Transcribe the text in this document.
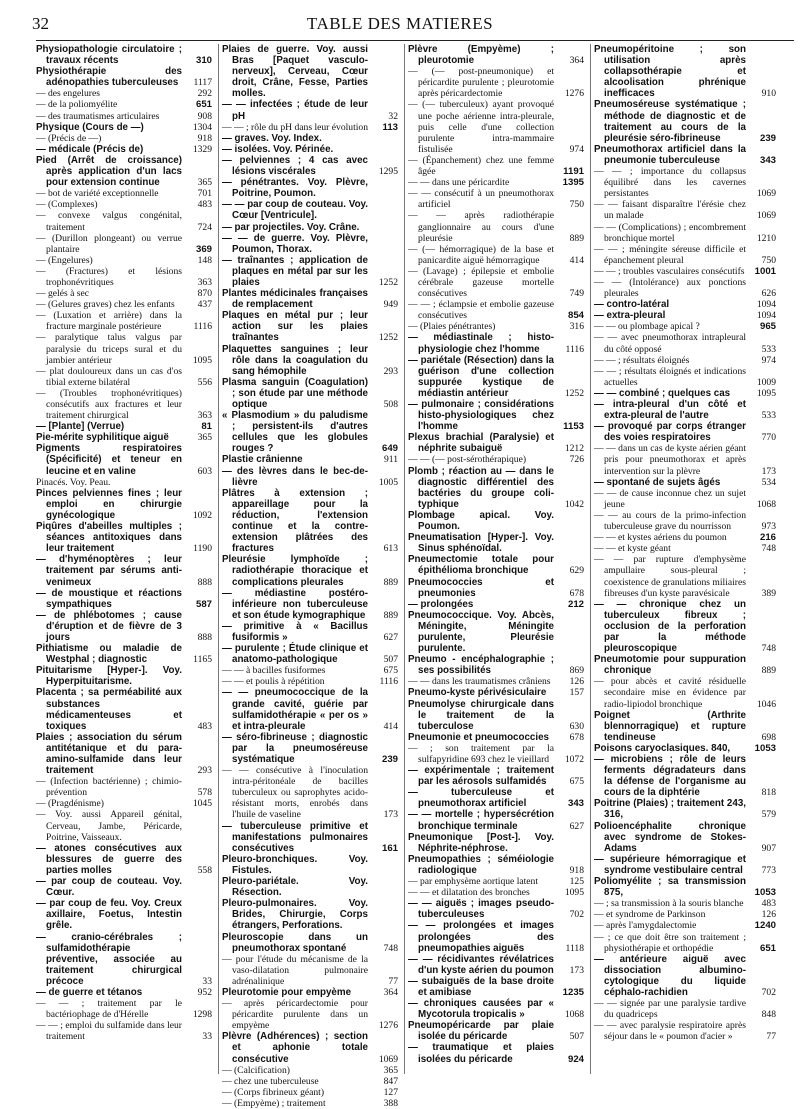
32	TABLE DES MATIERES
Physiopathologie circulatoire ; travaux récents	310
Physiothérapie des adénopathies tuberculeuses 1117
— des engelures	292
— de la poliomyélite	651
— des traumatismes articulaires	908
Physique (Cours de —)	1304
— (Précis de —)	918
— médicale (Précis de)	1329
Pied (Arrêt de croissance) après application d'un lacs pour extension continue	365
— bot de variété exceptionnelle	701
— (Complexes)	483
— convexe valgus congénital, traitement	724
— (Durillon plongeant) ou verrue plantaire	369
— (Engelures)	148
— (Fractures) et lésions trophonévritiques	363
— gelés à sec	870
— (Gelures graves) chez les enfants 437
— (Luxation et arrière) dans la fracture marginale postérieure	1116
— paralytique talus valgus par paralysie du triceps sural et du jambier antérieur	1095
— plat douloureux dans un cas d'os tibial externe bilatéral	556
— (Troubles trophonévritiques) consécutifs aux fractures et leur traitement chirurgical	363
— [Plante] (Verrue)	81
Pie-mérite syphilitique aiguë	365
Pigments respiratoires (Spécificité) et teneur en leucine et en valine	603
Pinacés. Voy. Peau.
Pinces pelviennes fines ; leur emploi en chirurgie gynécologique	1092
Piqûres d'abeilles multiples ; séances antitoxiques dans leur traitement	1190
— d'hyménoptères ; leur traitement par sérums anti-venimeux	888
— de moustique et réactions sympathiques	587
— de phlébotomes ; cause d'éruption et de fièvre de 3 jours	888
Pithiatisme ou maladie de Westphal ; diagnostic	1165
Pituitarisme [Hyper-]. Voy. Hyperpituitarisme.
Placenta ; sa perméabilité aux substances médicamenteuses et toxiques	483
Plaies ; association du sérum antitétanique et du para-amino-sulfamide dans leur traitement	293
— (Infection bactérienne) ; chimio-prévention	578
— (Pragdénisme)	1045
— Voy. aussi Appareil génital, Cerveau, Jambe, Péricarde, Poitrine, Vaisseaux.
— atones consécutives aux blessures de guerre des parties molles	558
— par coup de couteau. Voy. Cœur.
— par coup de feu. Voy. Creux axillaire, Foetus, Intestin grêle.
— cranio-cérébrales ; sulfamidothérapie préventive, associée au traitement chirurgical précoce	33
— de guerre et tétanos	952
— — ; traitement par le bactériophage de d'Hérelle	1298
— — ; emploi du sulfamide dans leur traitement	33
Plaies de guerre. Voy. aussi Bras [Paquet vasculo-nerveux], Cerveau, Cœur droit, Crâne, Fesse, Parties molles.
— — infectées ; étude de leur pH	32
— — ; rôle du pH dans leur évolution 113
— graves. Voy. Index.
— isolées. Voy. Périnée.
— pelviennes ; 4 cas avec lésions viscérales	1295
— pénétrantes. Voy. Plèvre, Poitrine, Poumon.
— — par coup de couteau. Voy. Cœur [Ventricule].
— par projectiles. Voy. Crâne.
— — de guerre. Voy. Plèvre, Poumon, Thorax.
— traînantes ; application de plaques en métal par sur les plaies	1252
Plantes médicinales françaises de remplacement	949
Plaques en métal pur ; leur action sur les plaies traînantes	1252
Plaquettes sanguines ; leur rôle dans la coagulation du sang hémophile	293
Plasma sanguin (Coagulation) ; son étude par une méthode optique	508
« Plasmodium » du paludisme ; persistent-ils d'autres cellules que les globules rouges ?	649
Plastie crânienne	911
— des lèvres dans le bec-de-lièvre	1005
Plâtres à extension ; appareillage pour la réduction, l'extension continue et la contre-extension plâtrées des fractures	613
Pleurésie lymphoïde ; radiothérapie thoracique et complications pleurales	889
— médiastine postéro-inférieure non tuberculeuse et son étude kymographique 889
— primitive à « Bacillus fusiformis »	627
— purulente ; Étude clinique et anatomo-pathologique	507
— — à bacilles fusiformes	675
— — et poulis à répétition	1116
— — pneumococcique de la grande cavité, guérie par sulfamidothérapie « per os » et intra-pleurale	414
— séro-fibrineuse ; diagnostic par la pneumoséreuse systématique	239
— — consécutive à l'inoculation intra-péritonéale de bacilles tuberculeux ou saprophytes acido-résistant morts, enrobés dans l'huile de vaseline	173
— tuberculeuse primitive et manifestations pulmonaires consécutives	161
Pleuro-bronchiques. Voy. Fistules.
Pleuro-pariétale. Voy. Résection.
Pleuro-pulmonaires. Voy. Brides, Chirurgie, Corps étrangers, Perforations.
Pleuroscopie dans un pneumothorax spontané	748
— pour l'étude du mécanisme de la vaso-dilatation pulmonaire adrénalinique	77
Pleurotomie pour empyème	364
— après péricardectomie pour péricardite purulente dans un empyème	1276
Plèvre (Adhérences) ; section et aphonie totale consécutive	1069
— (Calcification)	365
— chez une tuberculeuse	847
— (Corps fibrineux géant)	127
— (Empyème) ; traitement	388
Plèvre (Empyème) ; pleurotomie	364
— (— post-pneumonique) et péricardite purulente ; pleurotomie après péricardectomie	1276
— (— tuberculeux) ayant provoqué une poche aérienne intra-pleurale, puis celle d'une collection purulente intra-mammaire fistulisée	974
— (Épanchement) chez une femme âgée	1191
— — dans une péricardite	1395
— — consécutif à un pneumothorax artificiel	750
— — après radiothérapie ganglionnaire au cours d'une pleurésie	889
— (— hémorragique) de la base et panicardite aiguë hémorragique	414
— (Lavage) ; épilepsie et embolie cérébrale gazeuse mortelle consécutives	749
— — ; éclampsie et embolie gazeuse consécutives	854
— (Plaies pénétrantes)	316
— médiastinale ; histo-physiologie chez l'homme	1116
— pariétale (Résection) dans la guérison d'une collection suppurée kystique de médiastin antérieur	1252
— pulmonaire ; considérations histo-physiologiques chez l'homme	1153
Plexus brachial (Paralysie) et néphrite subaiguë	1212
— — (— post-sérothérapique)	726
Plomb ; réaction au — dans le diagnostic différentiel des bactéries du groupe coli-typhique	1042
Plombage apical. Voy. Poumon.
Pneumatisation [Hyper-]. Voy. Sinus sphénoïdal.
Pneumectomie totale pour épithélioma bronchique	629
Pneumococcies et pneumonies	678
— prolongées	212
Pneumococcique. Voy. Abcès, Méningite, Méningite purulente, Pleurésie purulente.
Pneumo - encéphalographie ; ses possibilités	869
— — dans les traumatismes crâniens 126
Pneumo-kyste périvésiculaire 157
Pneumolyse chirurgicale dans le traitement de la tuberculose	630
Pneumonie et pneumococcies 678
— ; son traitement par la sulfapyridine 693 chez le vieillard 1072
— expérimentale ; traitement par les aérosols sulfamidés 675
— tuberculeuse et pneumothorax artificiel	343
— — mortelle ; hypersécrétion bronchique terminale	627
Pneumonique [Post-]. Voy. Néphrite-néphrose.
Pneumopathies ; séméiologie radiologique	918
— par emphysème aortique latent	125
— — et dilatation des bronches	1095
— — aiguës ; images pseudo-tuberculeuses	702
— — prolongées et images prolongées des pneumopathies aiguës	1118
— — récidivantes révélatrices d'un kyste aérien du poumon 173
— subaiguës de la base droite et amibiase	1235
— chroniques causées par « Mycotorula tropicalis »	1068
Pneumopéricarde par plaie isolée du péricarde	507
— traumatique et plaies isolées du péricarde	924
Pneumopéritoine ; son utilisation après collapsothérapie et alcoolisation phrénique inefficaces	910
Pneumoséreuse systématique ; méthode de diagnostic et de traitement au cours de la pleurésie séro-fibrineuse	239
Pneumothorax artificiel dans la pneumonie tuberculeuse	343
— — ; importance du collapsus équilibré dans les cavernes persistantes	1069
— — faisant disparaître l'érésie chez un malade	1069
— — (Complications) ; encombrement bronchique mortel	1210
— — ; méningite séreuse difficile et épanchement pleural	750
— — ; troubles vasculaires consécutifs 1001
— — (Intolérance) aux ponctions pleurales	626
— contro-latéral	1094
— extra-pleural	1094
— — ou plombage apical ?	965
— — avec pneumothorax intrapleural du côté opposé	533
— — ; résultats éloignés	974
— — ; résultats éloignés et indications actuelles	1009
— — combiné ; quelques cas	1095
— intra-pleural d'un côté et extra-pleural de l'autre	533
— provoqué par corps étranger des voies respiratoires	770
— — dans un cas de kyste aérien géant pris pour pneumothorax et après intervention sur la plèvre	173
— spontané de sujets âgés	534
— — de cause inconnue chez un sujet jeune	1068
— — au cours de la primo-infection tuberculeuse grave du nourrisson	973
— — et kystes aériens du poumon	216
— — et kyste géant	748
— — par rupture d'emphysème ampullaire sous-pleural ; coexistence de granulations miliaires fibreuses d'un kyste paravésicale	389
— — chronique chez un tuberculeux fibreux ; occlusion de la perforation par la méthode pleuroscopique	748
Pneumotomie pour suppuration chronique	889
— pour abcès et cavité résiduelle secondaire mise en évidence par radio-lipiodol bronchique	1046
Poignet (Arthrite blennorragique) et rupture tendineuse	698
Poisons caryoclasiques. 840,	1053
— microbiens ; rôle de leurs ferments dégradateurs dans la défense de l'organisme au cours de la diphtérie	818
Poitrine (Plaies) ; traitement 243, 316,	579
Polioencéphalite chronique avec syndrome de Stokes-Adams	907
— supérieure hémorragique et syndrome vestibulaire central 773
Poliomyélite ; sa transmission 875,	1053
— ; sa transmission à la souris blanche 483
— et syndrome de Parkinson	126
— après l'amygdalectomie	1240
— ; ce que doit être son traitement ; physiothérapie et orthopédie	651
— antérieure aiguë avec dissociation albumino-cytologique du liquide céphalo-rachidien	702
— — signée par une paralysie tardive du quadriceps	848
— — avec paralysie respiratoire après séjour dans le « poumon d'acier »	77
